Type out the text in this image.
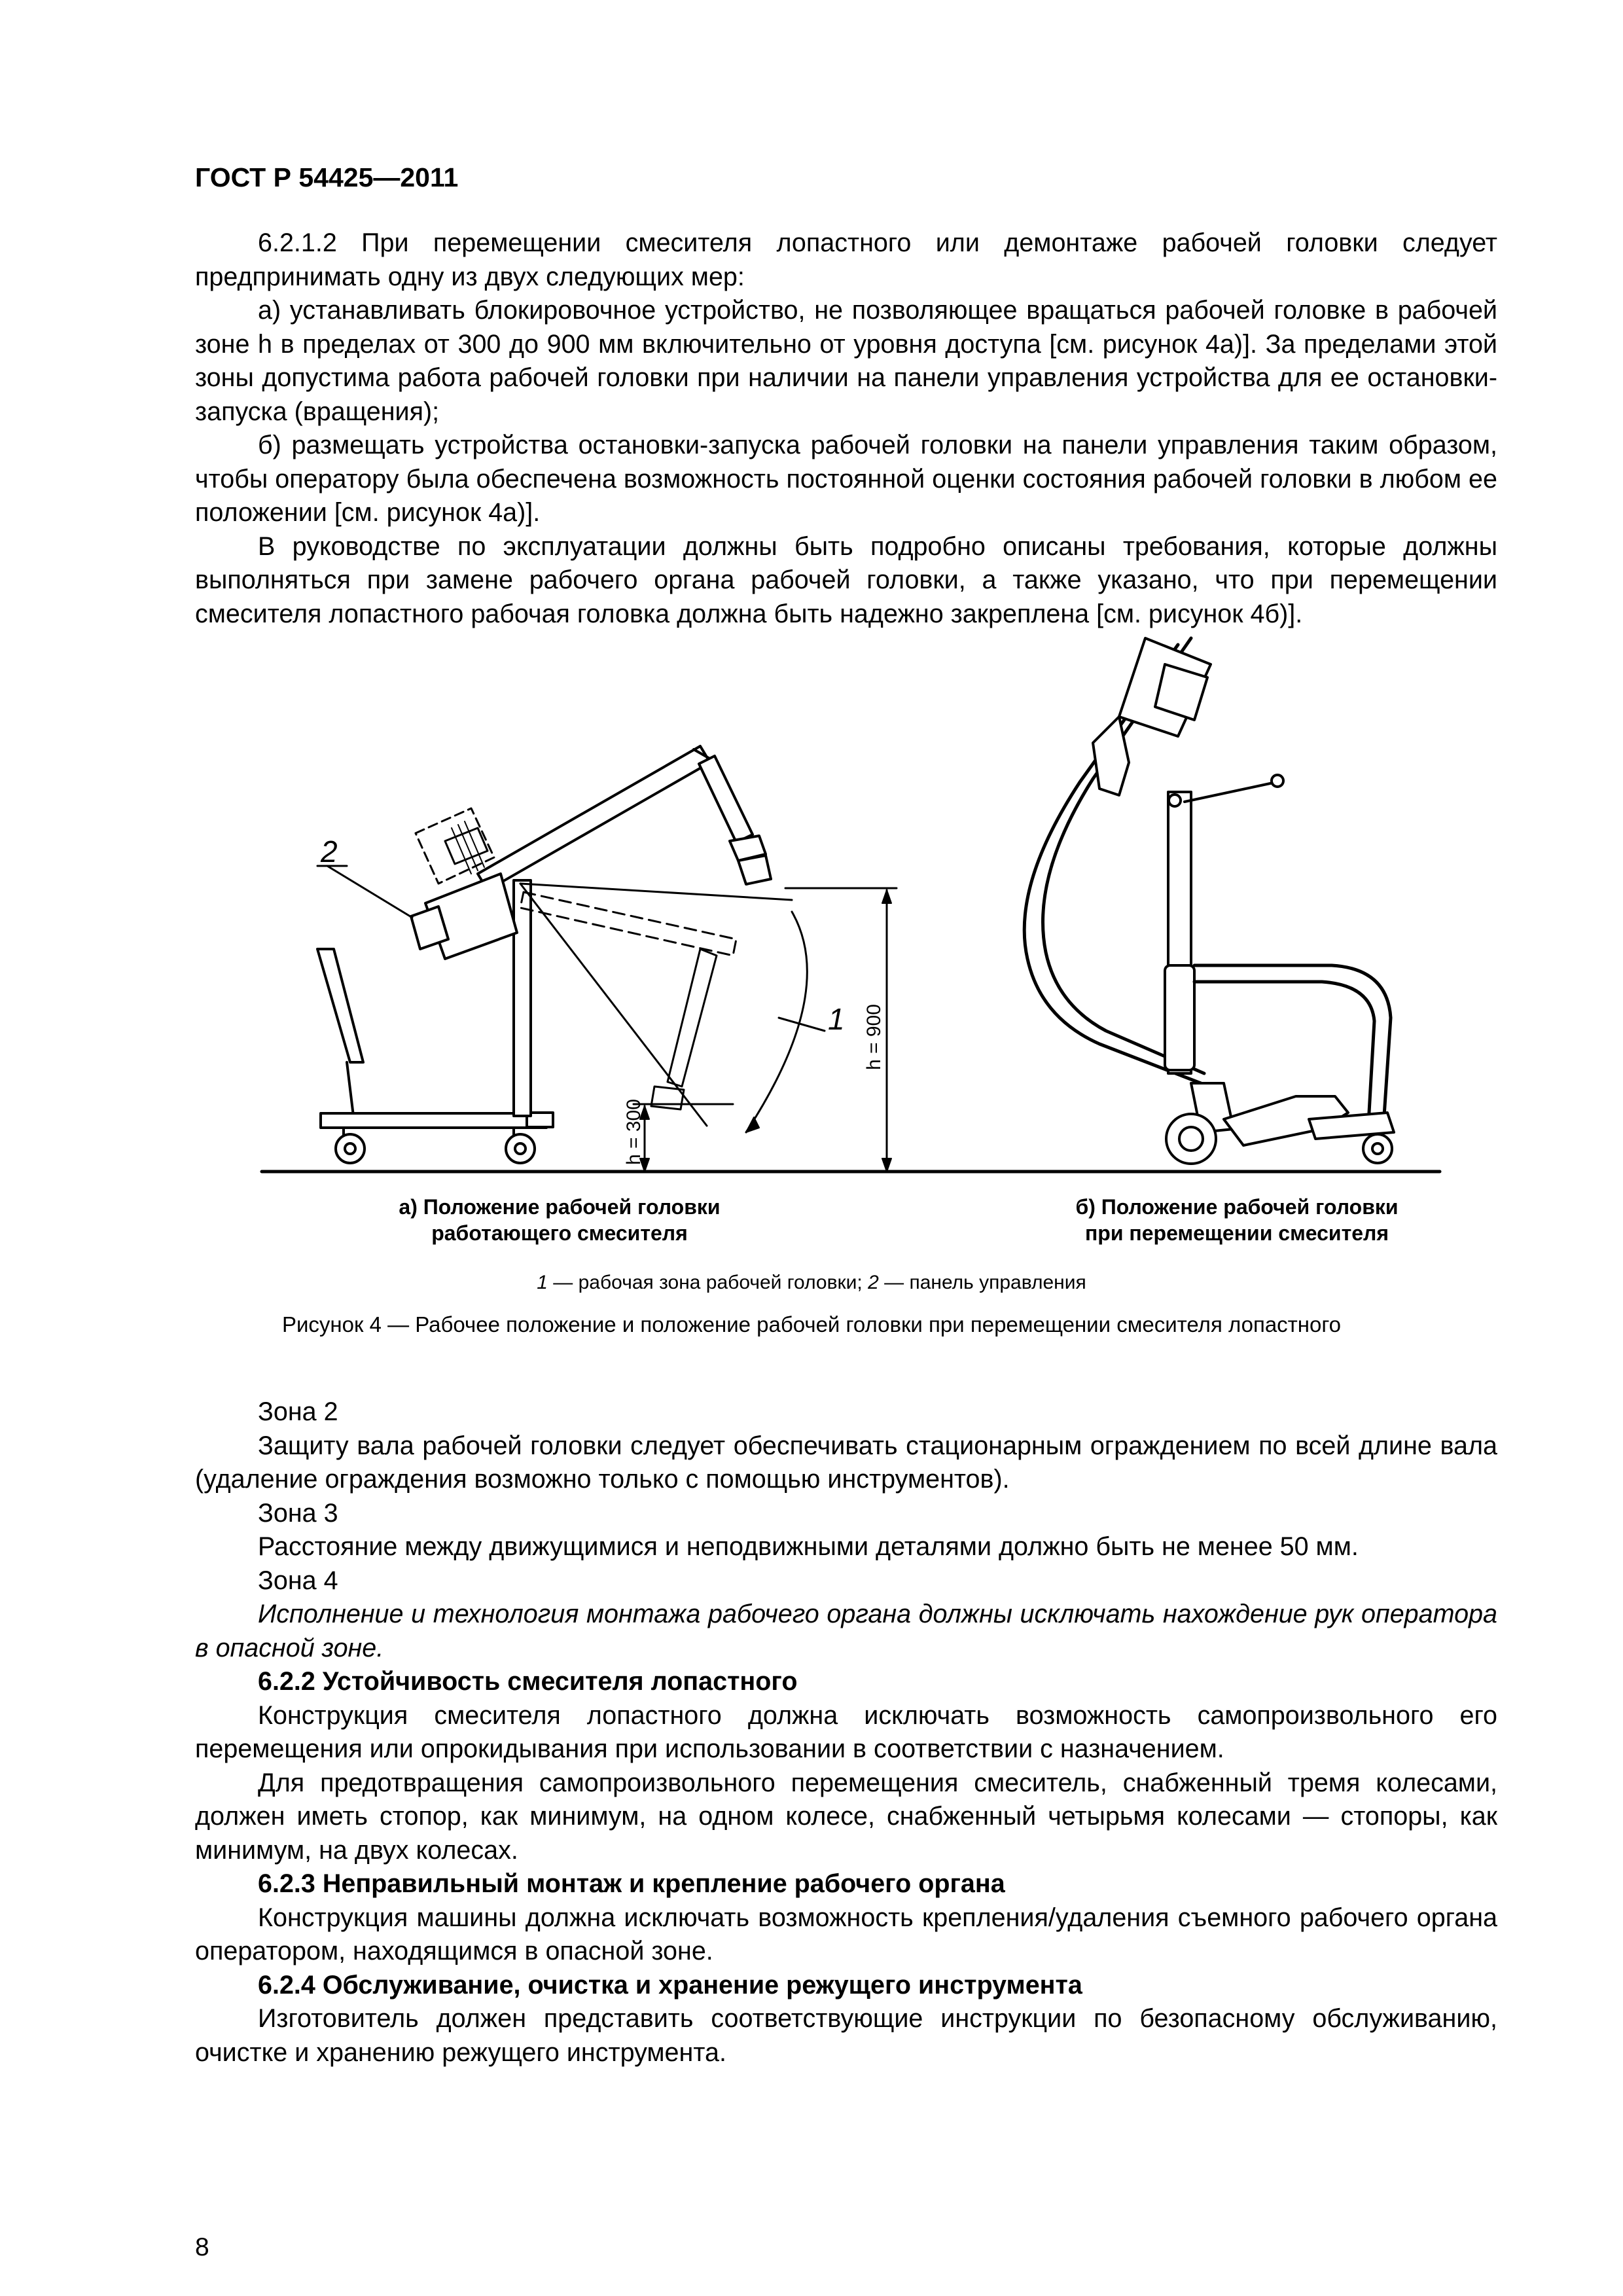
ГОСТ Р 54425—2011

6.2.1.2 При перемещении смесителя лопастного или демонтаже рабочей головки следует предпринимать одну из двух следующих мер:

а) устанавливать блокировочное устройство, не позволяющее вращаться рабочей головке в рабочей зоне h в пределах от 300 до 900 мм включительно от уровня доступа [см. рисунок 4а)]. За пределами этой зоны допустима работа рабочей головки при наличии на панели управления устройства для ее остановки-запуска (вращения);

б) размещать устройства остановки-запуска рабочей головки на панели управления таким образом, чтобы оператору была обеспечена возможность постоянной оценки состояния рабочей головки в любом ее положении [см. рисунок 4а)].

В руководстве по эксплуатации должны быть подробно описаны требования, которые должны выполняться при замене рабочего органа рабочей головки, а также указано, что при перемещении смесителя лопастного рабочая головка должна быть надежно закреплена [см. рисунок 4б)].

2
1
h = 300
h = 900
а) Положение рабочей головки
работающего смесителя
б) Положение рабочей головки
при перемещении смесителя
1 — рабочая зона рабочей головки; 2 — панель управления
Рисунок 4 — Рабочее положение и положение рабочей головки при перемещении смесителя лопастного

Зона 2

Защиту вала рабочей головки следует обеспечивать стационарным ограждением по всей длине вала (удаление ограждения возможно только с помощью инструментов).

Зона 3

Расстояние между движущимися и неподвижными деталями должно быть не менее 50 мм.

Зона 4

Исполнение и технология монтажа рабочего органа должны исключать нахождение рук оператора в опасной зоне.

6.2.2 Устойчивость смесителя лопастного

Конструкция смесителя лопастного должна исключать возможность самопроизвольного его перемещения или опрокидывания при использовании в соответствии с назначением.

Для предотвращения самопроизвольного перемещения смеситель, снабженный тремя колесами, должен иметь стопор, как минимум, на одном колесе, снабженный четырьмя колесами — стопоры, как минимум, на двух колесах.

6.2.3 Неправильный монтаж и крепление рабочего органа

Конструкция машины должна исключать возможность крепления/удаления съемного рабочего органа оператором, находящимся в опасной зоне.

6.2.4 Обслуживание, очистка и хранение режущего инструмента

Изготовитель должен представить соответствующие инструкции по безопасному обслуживанию, очистке и хранению режущего инструмента.

8
